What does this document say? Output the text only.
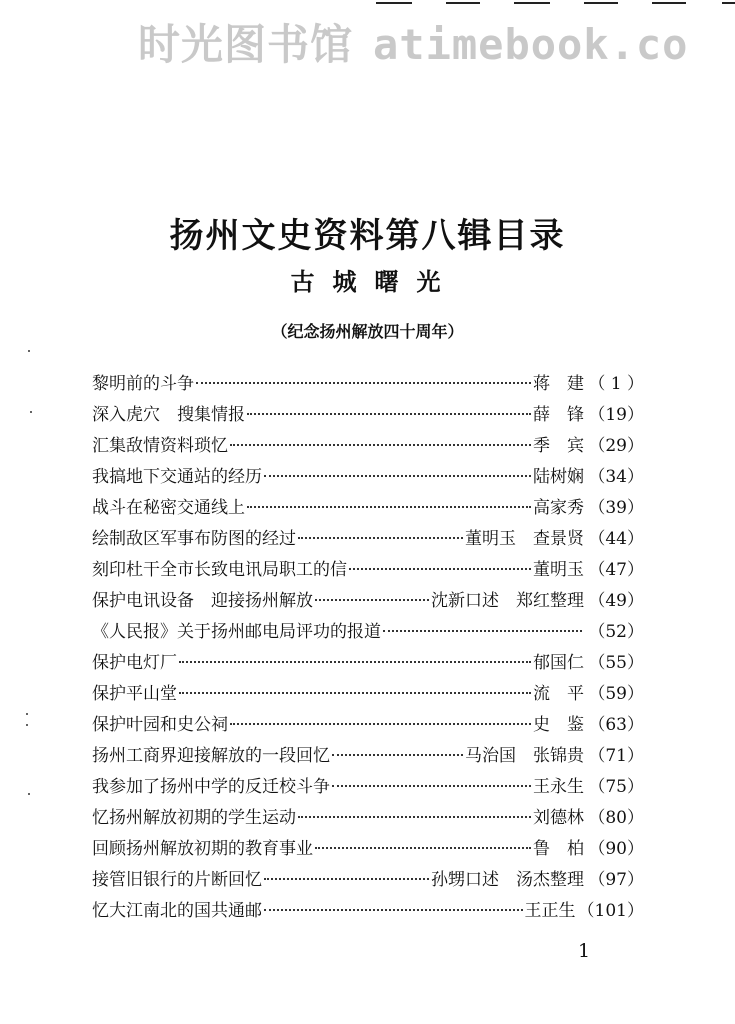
时光图书馆 atimebook.co
扬州文史资料第八辑目录
古城曙光
（纪念扬州解放四十周年）
黎明前的斗争	蒋　建 （ 1 ）
深入虎穴　搜集情报	薛　锋 （19）
汇集敌情资料琐忆	季　宾 （29）
我搞地下交通站的经历	陆树娴 （34）
战斗在秘密交通线上	高家秀 （39）
绘制敌区军事布防图的经过	董明玉　查景贤 （44）
刻印杜干全市长致电讯局职工的信	董明玉 （47）
保护电讯设备　迎接扬州解放	沈新口述　郑红整理 （49）
《人民报》关于扬州邮电局评功的报道	（52）
保护电灯厂	郁国仁 （55）
保护平山堂	流　平 （59）
保护叶园和史公祠	史　鉴 （63）
扬州工商界迎接解放的一段回忆	马治国　张锦贵 （71）
我参加了扬州中学的反迁校斗争	王永生 （75）
忆扬州解放初期的学生运动	刘德林 （80）
回顾扬州解放初期的教育事业	鲁　柏 （90）
接管旧银行的片断回忆	孙甥口述　汤杰整理 （97）
忆大江南北的国共通邮	王正生 （101）
1
